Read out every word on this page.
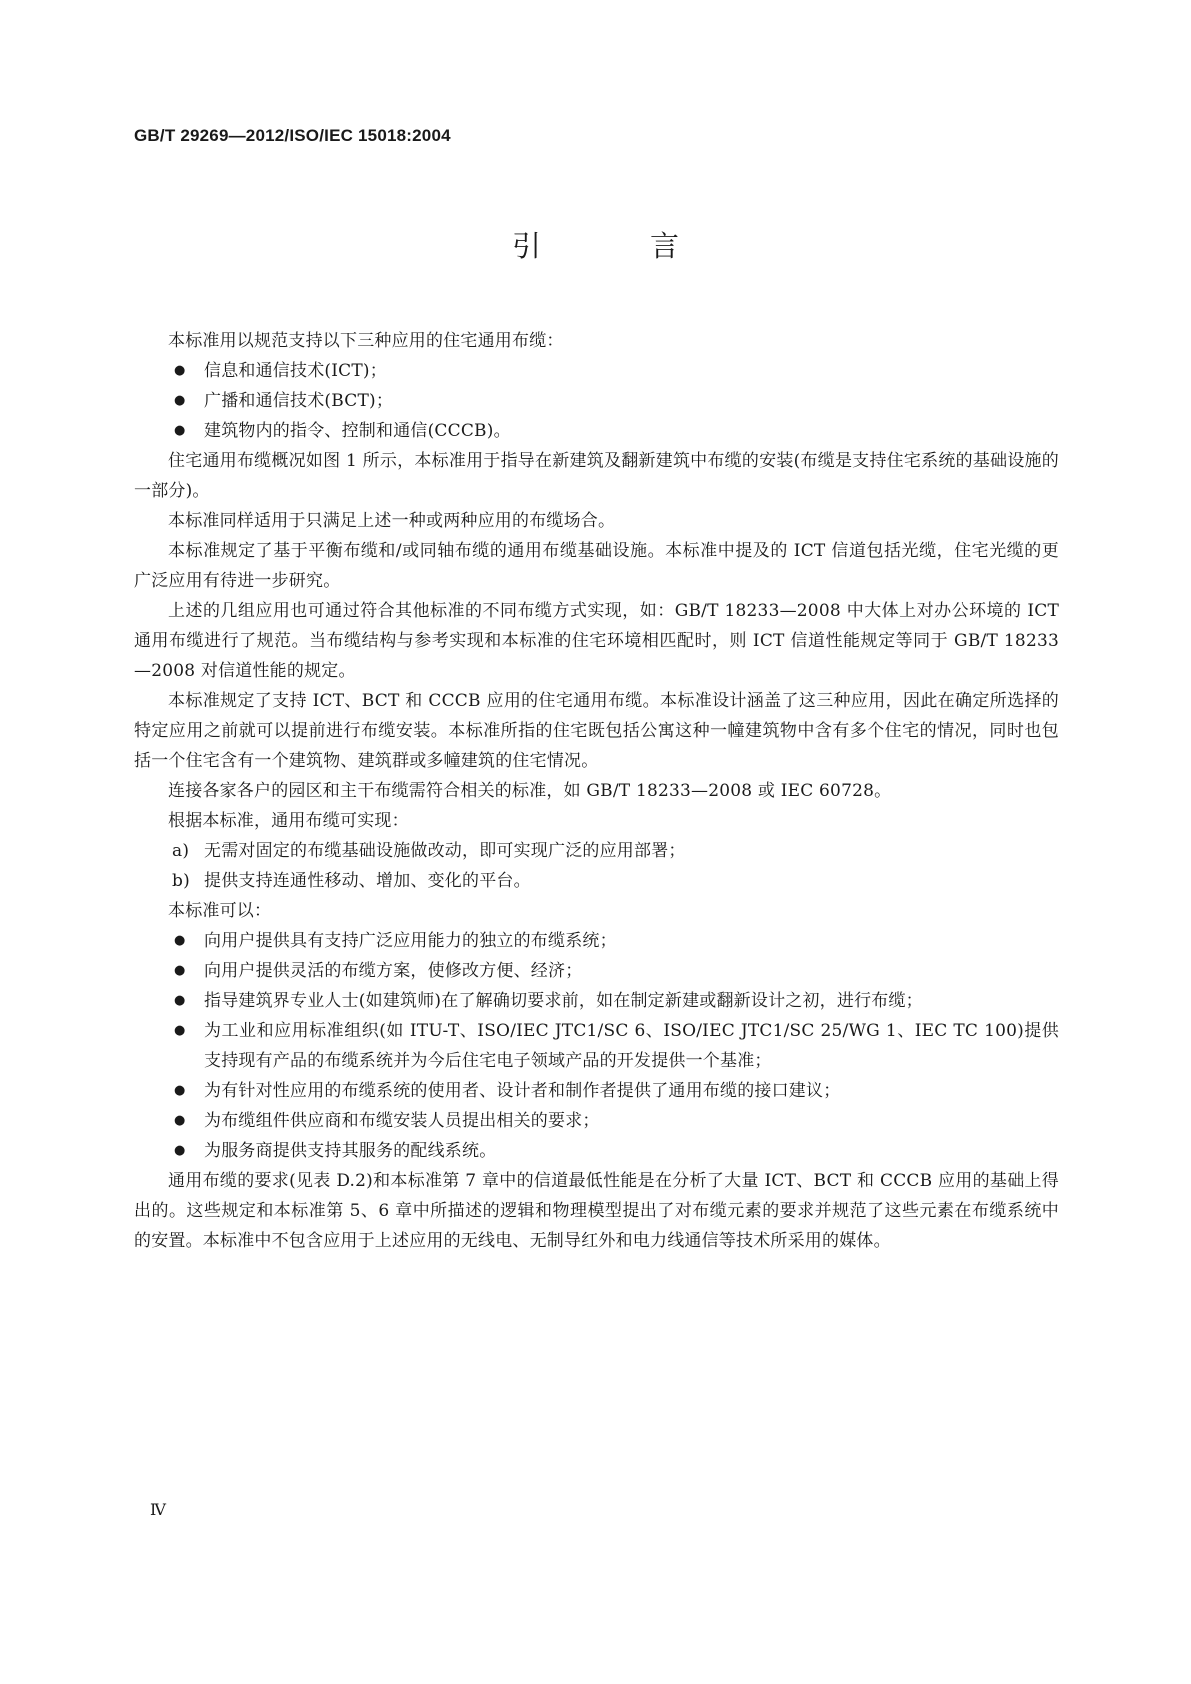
GB/T 29269—2012/ISO/IEC 15018:2004
引　言

本标准用以规范支持以下三种应用的住宅通用布缆：

●	信息和通信技术(ICT)；
●	广播和通信技术(BCT)；
●	建筑物内的指令、控制和通信(CCCB)。

住宅通用布缆概况如图 1 所示，本标准用于指导在新建筑及翻新建筑中布缆的安装(布缆是支持住宅系统的基础设施的一部分)。

本标准同样适用于只满足上述一种或两种应用的布缆场合。

本标准规定了基于平衡布缆和/或同轴布缆的通用布缆基础设施。本标准中提及的 ICT 信道包括光缆，住宅光缆的更广泛应用有待进一步研究。

上述的几组应用也可通过符合其他标准的不同布缆方式实现，如：GB/T 18233—2008 中大体上对办公环境的 ICT 通用布缆进行了规范。当布缆结构与参考实现和本标准的住宅环境相匹配时，则 ICT 信道性能规定等同于 GB/T 18233—2008 对信道性能的规定。

本标准规定了支持 ICT、BCT 和 CCCB 应用的住宅通用布缆。本标准设计涵盖了这三种应用，因此在确定所选择的特定应用之前就可以提前进行布缆安装。本标准所指的住宅既包括公寓这种一幢建筑物中含有多个住宅的情况，同时也包括一个住宅含有一个建筑物、建筑群或多幢建筑的住宅情况。

连接各家各户的园区和主干布缆需符合相关的标准，如 GB/T 18233—2008 或 IEC 60728。

根据本标准，通用布缆可实现：

a) 无需对固定的布缆基础设施做改动，即可实现广泛的应用部署；
b) 提供支持连通性移动、增加、变化的平台。

本标准可以：

●	向用户提供具有支持广泛应用能力的独立的布缆系统；
●	向用户提供灵活的布缆方案，使修改方便、经济；
●	指导建筑界专业人士(如建筑师)在了解确切要求前，如在制定新建或翻新设计之初，进行布缆；
●	为工业和应用标准组织(如 ITU-T、ISO/IEC JTC1/SC 6、ISO/IEC JTC1/SC 25/WG 1、IEC TC 100)提供支持现有产品的布缆系统并为今后住宅电子领域产品的开发提供一个基准；
●	为有针对性应用的布缆系统的使用者、设计者和制作者提供了通用布缆的接口建议；
●	为布缆组件供应商和布缆安装人员提出相关的要求；
●	为服务商提供支持其服务的配线系统。

通用布缆的要求(见表 D.2)和本标准第 7 章中的信道最低性能是在分析了大量 ICT、BCT 和 CCCB 应用的基础上得出的。这些规定和本标准第 5、6 章中所描述的逻辑和物理模型提出了对布缆元素的要求并规范了这些元素在布缆系统中的安置。本标准中不包含应用于上述应用的无线电、无制导红外和电力线通信等技术所采用的媒体。

Ⅳ
